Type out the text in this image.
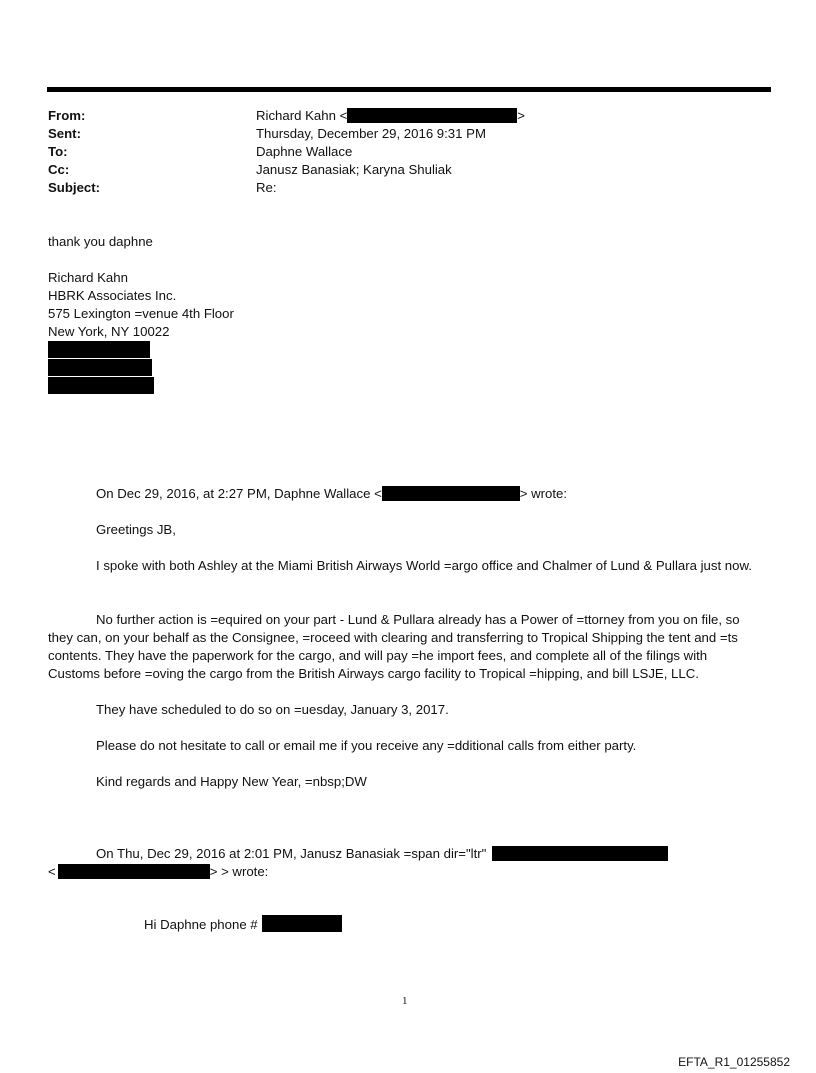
From:	Richard Kahn <	>
Sent:	Thursday, December 29, 2016 9:31 PM
To:	Daphne Wallace
Cc:	Janusz Banasiak; Karyna Shuliak
Subject:	Re:
thank you daphne
Richard Kahn
HBRK Associates Inc.
575 Lexington =venue 4th Floor
New York, NY 10022
On Dec 29, 2016, at 2:27 PM, Daphne Wallace <	> wrote:
Greetings JB,
I spoke with both Ashley at the Miami British Airways World =argo office and Chalmer of Lund & Pullara just now.
No further action is =equired on your part - Lund & Pullara already has a Power of =ttorney from you on file, so they can, on your behalf as the Consignee, =roceed with clearing and transferring to Tropical Shipping the tent and =ts contents. They have the paperwork for the cargo, and will pay =he import fees, and complete all of the filings with Customs before =oving the cargo from the British Airways cargo facility to Tropical =hipping, and bill LSJE, LLC.
They have scheduled to do so on =uesday, January 3, 2017.
Please do not hesitate to call or email me if you receive any =dditional calls from either party.
Kind regards and Happy New Year, =nbsp;DW
On Thu, Dec 29, 2016 at 2:01 PM, Janusz Banasiak =span dir="ltr"
<	> > wrote:
Hi Daphne phone #
1
EFTA_R1_01255852
